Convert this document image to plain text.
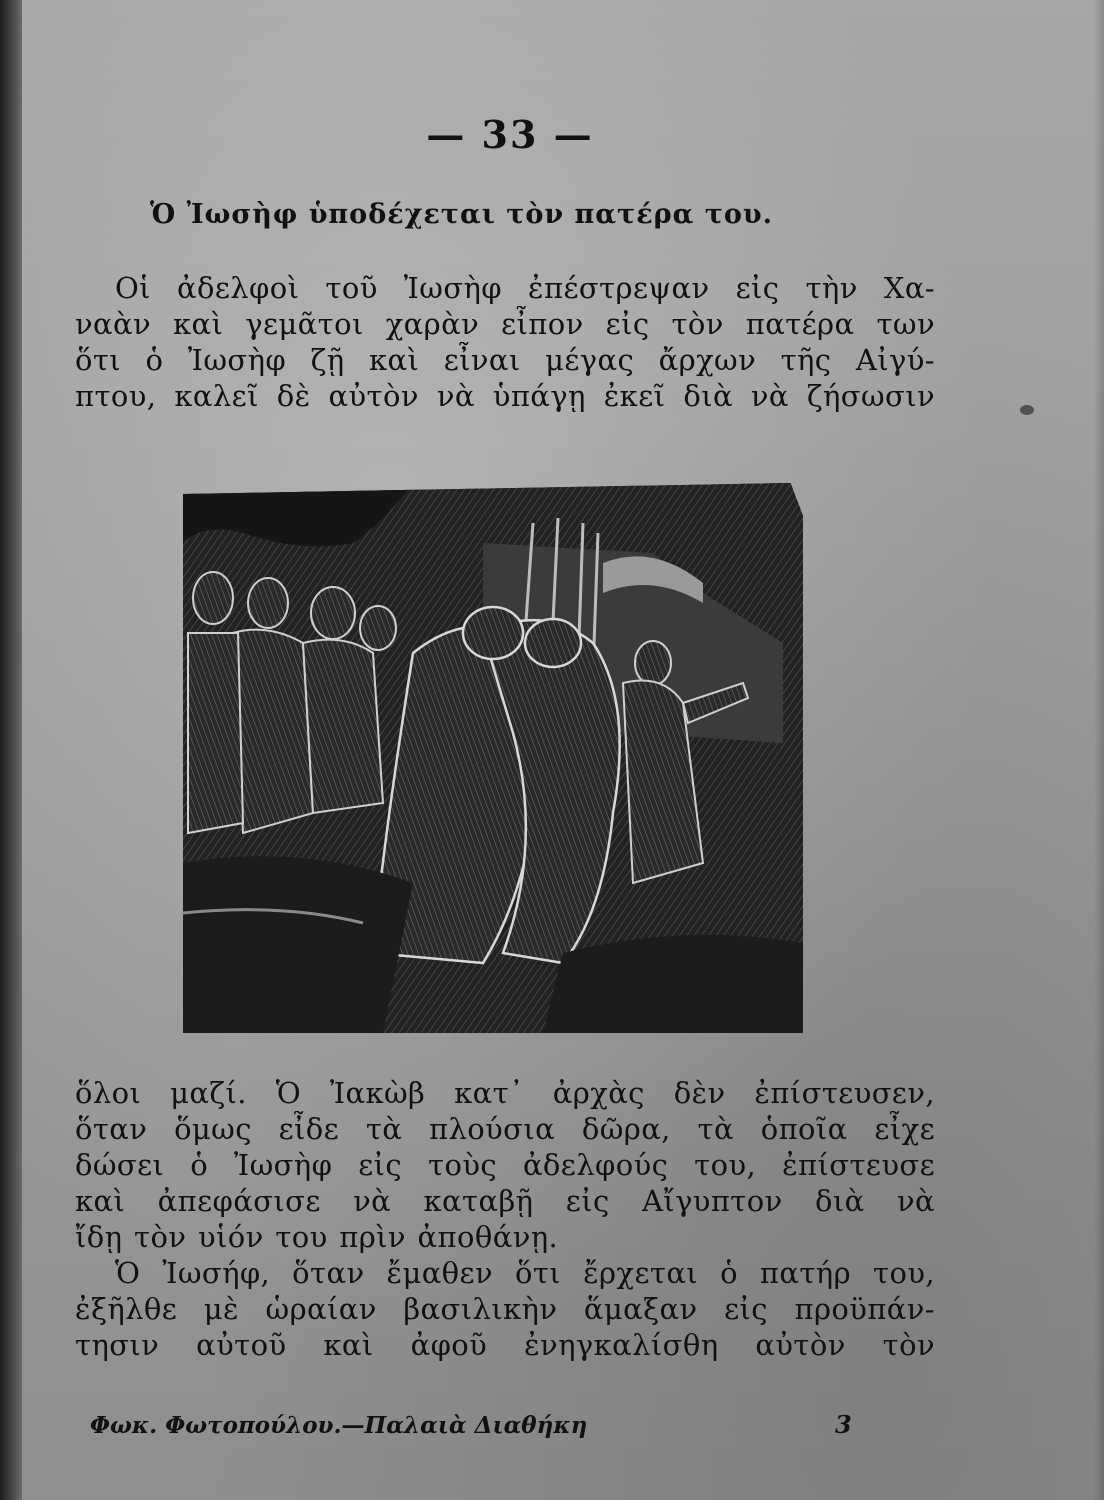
— 33 —
Ὁ Ἰωσὴφ ὑποδέχεται τὸν πατέρα του.
Οἱ ἀδελφοὶ τοῦ Ἰωσὴφ ἐπέστρεψαν εἰς τὴν Χα-
ναὰν καὶ γεμᾶτοι χαρὰν εἶπον εἰς τὸν πατέρα των
ὅτι ὁ Ἰωσὴφ ζῇ καὶ εἶναι μέγας ἄρχων τῆς Αἰγύ-
πτου, καλεῖ δὲ αὐτὸν νὰ ὑπάγῃ ἐκεῖ διὰ νὰ ζήσωσιν
ὅλοι μαζί. Ὁ Ἰακὼβ κατ᾽ ἀρχὰς δὲν ἐπίστευσεν,
ὅταν ὅμως εἶδε τὰ πλούσια δῶρα, τὰ ὁποῖα εἶχε
δώσει ὁ Ἰωσὴφ εἰς τοὺς ἀδελφούς του, ἐπίστευσε
καὶ ἀπεφάσισε νὰ καταβῇ εἰς Αἴγυπτον διὰ νὰ
ἴδῃ τὸν υἱόν του πρὶν ἀποθάνῃ.
Ὁ Ἰωσήφ, ὅταν ἔμαθεν ὅτι ἔρχεται ὁ πατήρ του,
ἐξῆλθε μὲ ὡραίαν βασιλικὴν ἅμαξαν εἰς προϋπάν-
τησιν αὐτοῦ καὶ ἀφοῦ ἐνηγκαλίσθη αὐτὸν τὸν
Φωκ. Φωτοπούλου.—Παλαιὰ Διαθήκη	3
